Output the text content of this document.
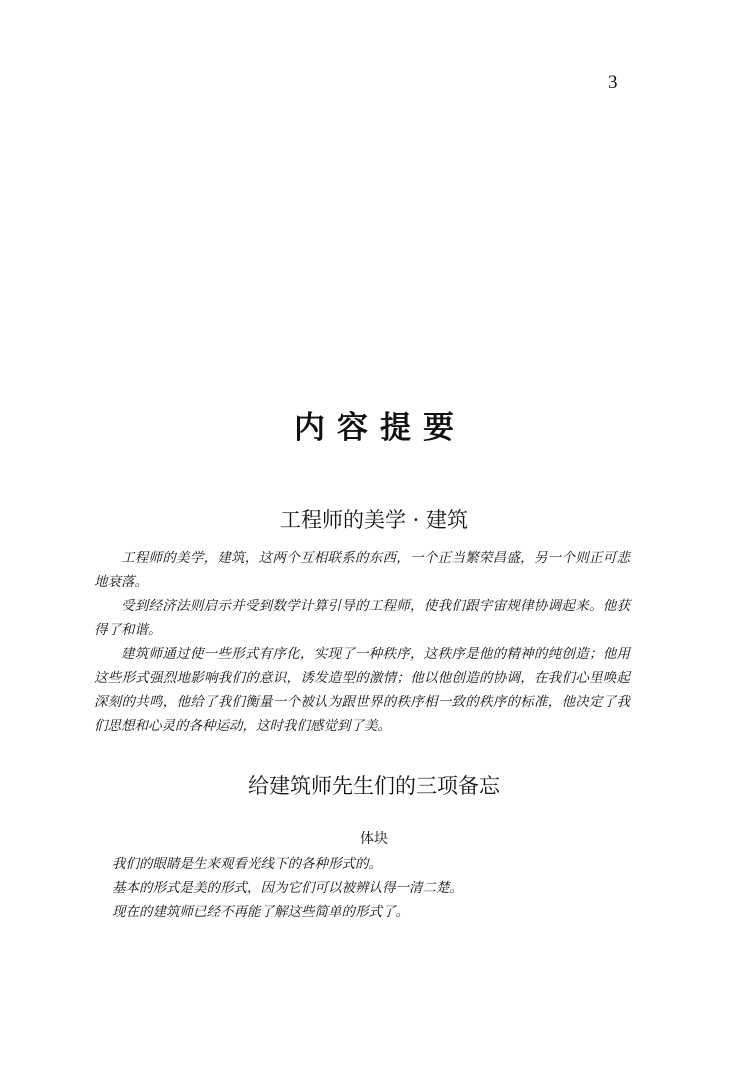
3
内容提要
工程师的美学 · 建筑

工程师的美学，建筑，这两个互相联系的东西，一个正当繁荣昌盛，另一个则正可悲地衰落。

受到经济法则启示并受到数学计算引导的工程师，使我们跟宇宙规律协调起来。他获得了和谐。

建筑师通过使一些形式有序化，实现了一种秩序，这秩序是他的精神的纯创造；他用这些形式强烈地影响我们的意识，诱发造型的激情；他以他创造的协调，在我们心里唤起深刻的共鸣，他给了我们衡量一个被认为跟世界的秩序相一致的秩序的标准，他决定了我们思想和心灵的各种运动，这时我们感觉到了美。

给建筑师先生们的三项备忘
体块

我们的眼睛是生来观看光线下的各种形式的。

基本的形式是美的形式，因为它们可以被辨认得一清二楚。

现在的建筑师已经不再能了解这些简单的形式了。
